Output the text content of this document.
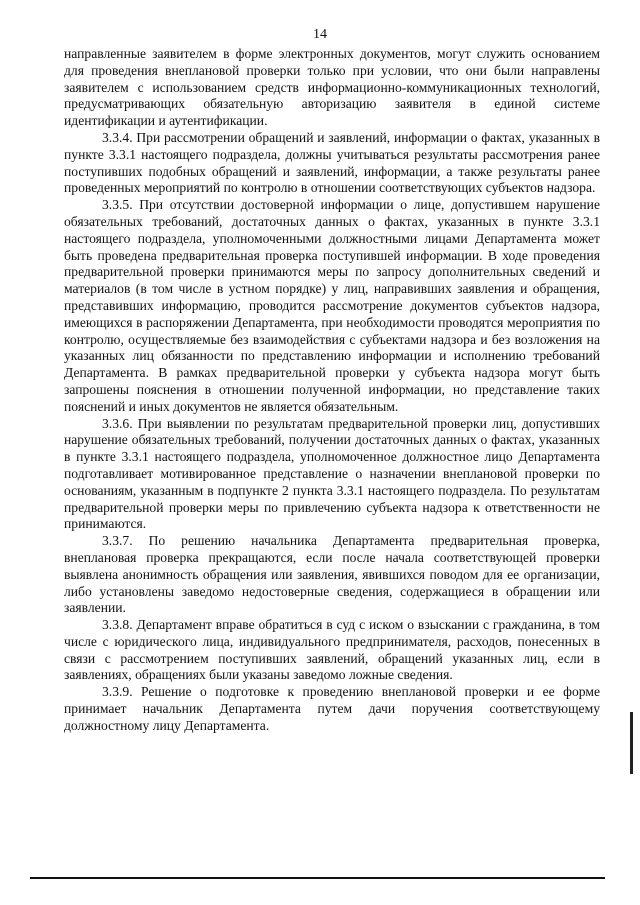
14

направленные заявителем в форме электронных документов, могут служить основанием для проведения внеплановой проверки только при условии, что они были направлены заявителем с использованием средств информационно-коммуникационных технологий, предусматривающих обязательную авторизацию заявителя в единой системе идентификации и аутентификации.

3.3.4. При рассмотрении обращений и заявлений, информации о фактах, указанных в пункте 3.3.1 настоящего подраздела, должны учитываться результаты рассмотрения ранее поступивших подобных обращений и заявлений, информации, а также результаты ранее проведенных мероприятий по контролю в отношении соответствующих субъектов надзора.

3.3.5. При отсутствии достоверной информации о лице, допустившем нарушение обязательных требований, достаточных данных о фактах, указанных в пункте 3.3.1 настоящего подраздела, уполномоченными должностными лицами Департамента может быть проведена предварительная проверка поступившей информации. В ходе проведения предварительной проверки принимаются меры по запросу дополнительных сведений и материалов (в том числе в устном порядке) у лиц, направивших заявления и обращения, представивших информацию, проводится рассмотрение документов субъектов надзора, имеющихся в распоряжении Департамента, при необходимости проводятся мероприятия по контролю, осуществляемые без взаимодействия с субъектами надзора и без возложения на указанных лиц обязанности по представлению информации и исполнению требований Департамента. В рамках предварительной проверки у субъекта надзора могут быть запрошены пояснения в отношении полученной информации, но представление таких пояснений и иных документов не является обязательным.

3.3.6. При выявлении по результатам предварительной проверки лиц, допустивших нарушение обязательных требований, получении достаточных данных о фактах, указанных в пункте 3.3.1 настоящего подраздела, уполномоченное должностное лицо Департамента подготавливает мотивированное представление о назначении внеплановой проверки по основаниям, указанным в подпункте 2 пункта 3.3.1 настоящего подраздела. По результатам предварительной проверки меры по привлечению субъекта надзора к ответственности не принимаются.

3.3.7. По решению начальника Департамента предварительная проверка, внеплановая проверка прекращаются, если после начала соответствующей проверки выявлена анонимность обращения или заявления, явившихся поводом для ее организации, либо установлены заведомо недостоверные сведения, содержащиеся в обращении или заявлении.

3.3.8. Департамент вправе обратиться в суд с иском о взыскании с гражданина, в том числе с юридического лица, индивидуального предпринимателя, расходов, понесенных в связи с рассмотрением поступивших заявлений, обращений указанных лиц, если в заявлениях, обращениях были указаны заведомо ложные сведения.

3.3.9. Решение о подготовке к проведению внеплановой проверки и ее форме принимает начальник Департамента путем дачи поручения соответствующему должностному лицу Департамента.
